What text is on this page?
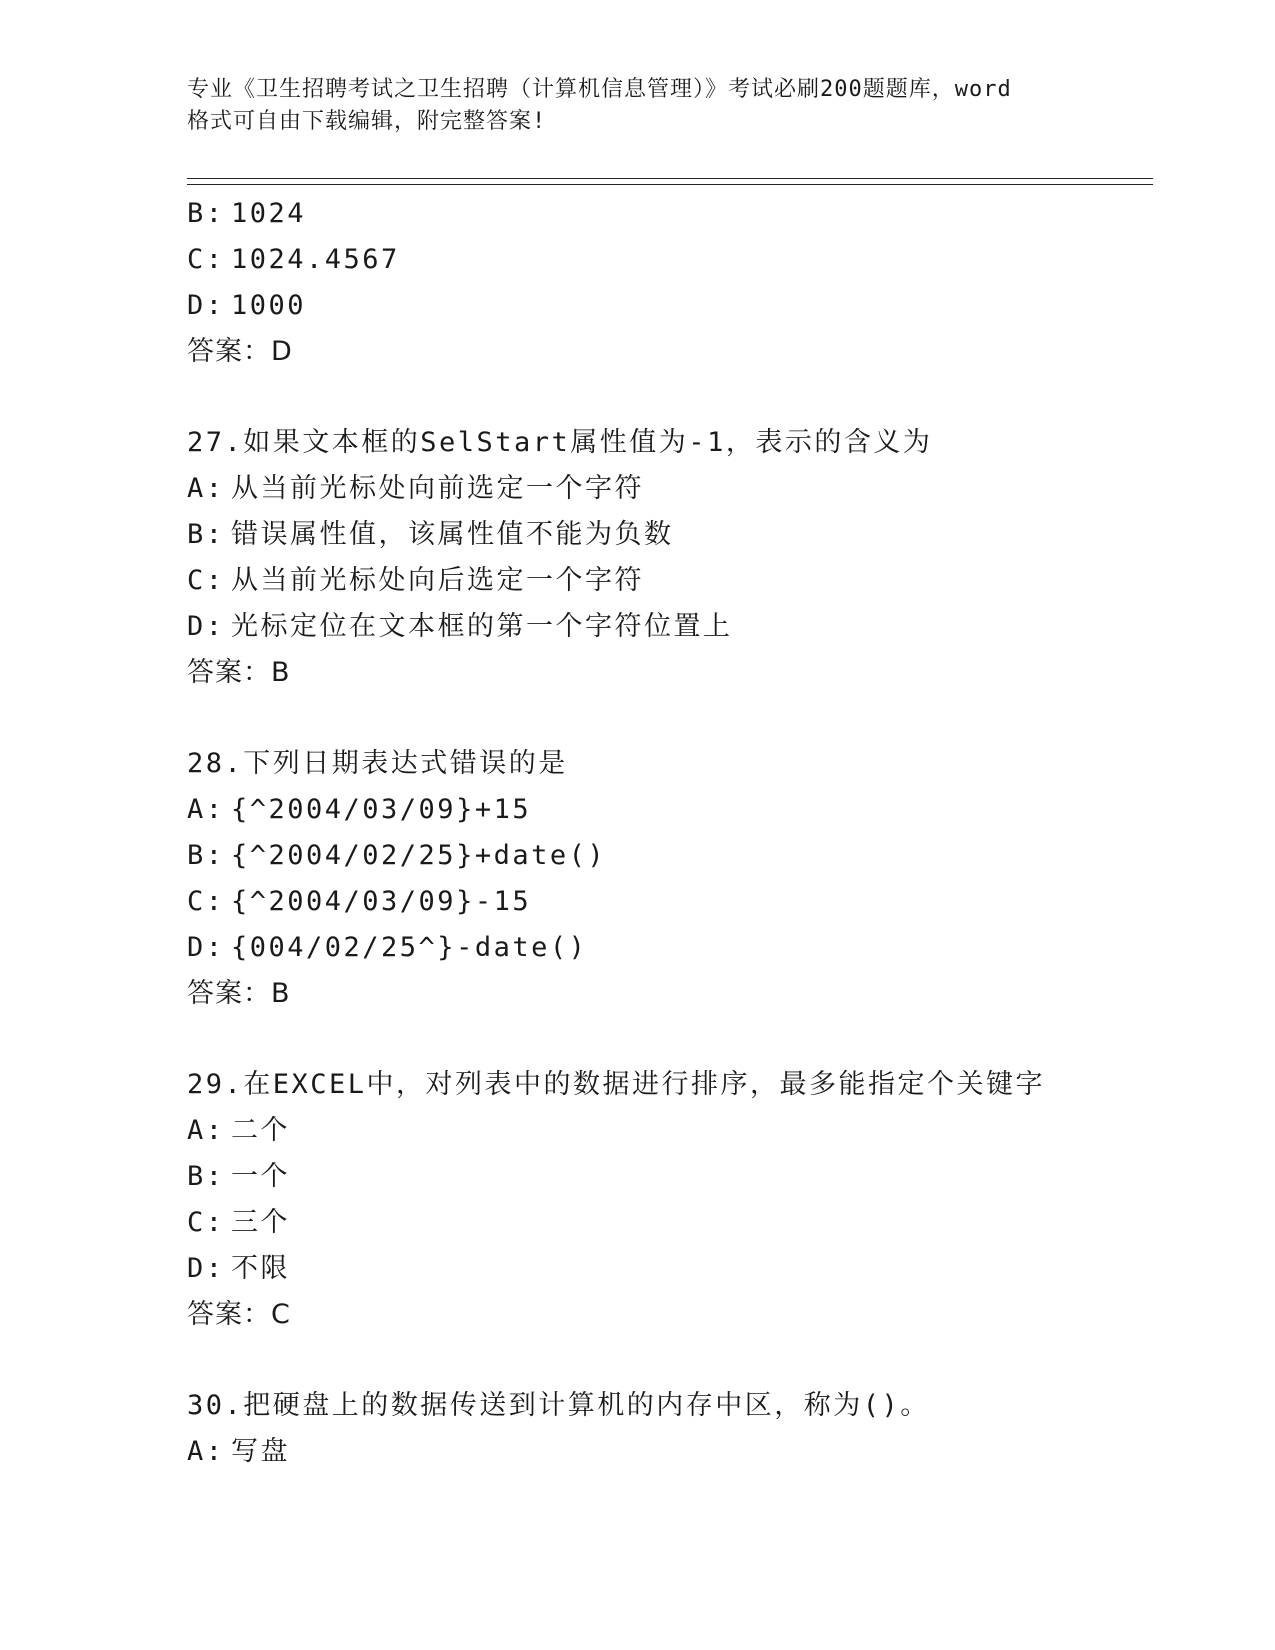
专业《卫生招聘考试之卫生招聘（计算机信息管理）》考试必刷200题题库，word
格式可自由下载编辑，附完整答案!
B: 1024
C: 1024.4567
D: 1000
答案：D
27.如果文本框的SelStart属性值为-1，表示的含义为
A: 从当前光标处向前选定一个字符
B: 错误属性值，该属性值不能为负数
C: 从当前光标处向后选定一个字符
D: 光标定位在文本框的第一个字符位置上
答案：B
28.下列日期表达式错误的是
A: {^2004/03/09}+15
B: {^2004/02/25}+date()
C: {^2004/03/09}-15
D: {004/02/25^}-date()
答案：B
29.在EXCEL中，对列表中的数据进行排序，最多能指定个关键字
A: 二个
B: 一个
C: 三个
D: 不限
答案：C
30.把硬盘上的数据传送到计算机的内存中区，称为()。
A: 写盘
